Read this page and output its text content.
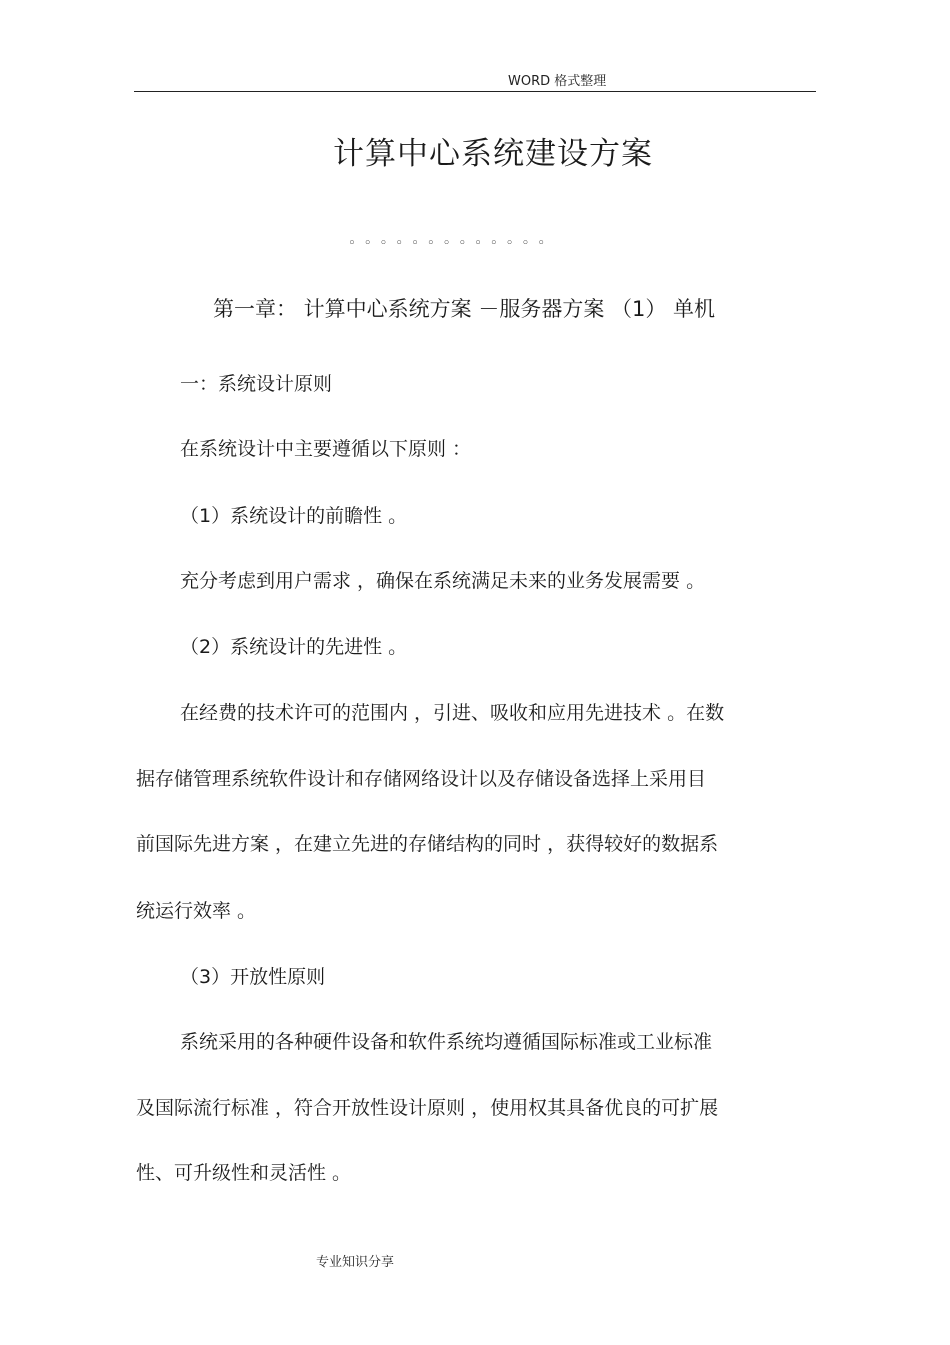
WORD 格式整理
计算中心系统建设方案
◦◦◦◦◦◦◦◦◦◦◦◦◦
第一章： 计算中心系统方案 －服务器方案 （1） 单机
一：系统设计原则
在系统设计中主要遵循以下原则 ：
（1）系统设计的前瞻性 。
充分考虑到用户需求 ，确保在系统满足未来的业务发展需要 。
（2）系统设计的先进性 。
在经费的技术许可的范围内 ，引进、吸收和应用先进技术 。在数
据存储管理系统软件设计和存储网络设计以及存储设备选择上采用目
前国际先进方案 ，在建立先进的存储结构的同时 ，获得较好的数据系
统运行效率 。
（3）开放性原则
系统采用的各种硬件设备和软件系统均遵循国际标准或工业标准
及国际流行标准 ，符合开放性设计原则 ，使用权其具备优良的可扩展
性、可升级性和灵活性 。
专业知识分享
